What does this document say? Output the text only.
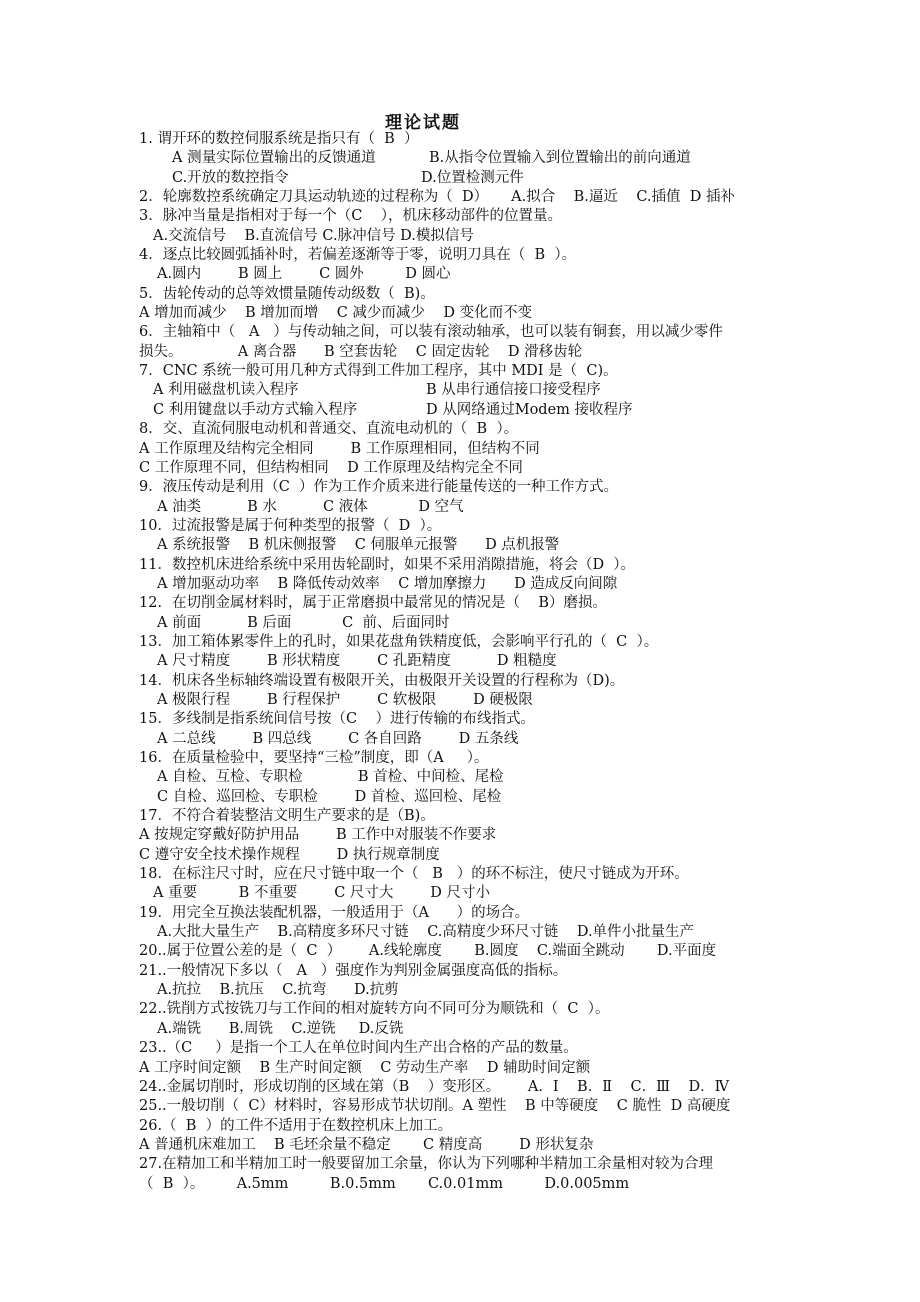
理论试题
1. 谓开环的数控伺服系统是指只有（  B  ）
A 测量实际位置输出的反馈通道	B.从指令位置输入到位置输出的前向通道
C.开放的数控指令	D.位置检测元件
2．轮廓数控系统确定刀具运动轨迹的过程称为（  D）     A.拟合    B.逼近    C.插值  D 插补
3．脉冲当量是指相对于每一个（C    ），机床移动部件的位置量。
A.交流信号    B.直流信号 C.脉冲信号 D.模拟信号
4．逐点比较圆弧插补时，若偏差逐渐等于零，说明刀具在（  B  ）。
A.圆内        B 圆上        C 圆外         D 圆心
5．齿轮传动的总等效惯量随传动级数（  B)。
A 增加而减少    B 增加而增    C 减少而减少    D 变化而不变
6．主轴箱中（   A   ）与传动轴之间，可以装有滚动轴承，也可以装有铜套，用以减少零件
损失。            A 离合器      B 空套齿轮    C 固定齿轮    D 滑移齿轮
7．CNC 系统一般可用几种方式得到工件加工程序，其中 MDI 是（  C)。
A 利用磁盘机读入程序	B 从串行通信接口接受程序
C 利用键盘以手动方式输入程序	D 从网络通过Modem 接收程序
8．交、直流伺服电动机和普通交、直流电动机的（  B  ）。
A 工作原理及结构完全相同        B 工作原理相同，但结构不同
C 工作原理不同，但结构相同    D 工作原理及结构完全不同
9．液压传动是利用（C  ）作为工作介质来进行能量传送的一种工作方式。
A 油类          B 水          C 液体           D 空气
10．过流报警是属于何种类型的报警（  D  ）。
A 系统报警    B 机床侧报警    C 伺服单元报警      D 点机报警
11．数控机床进给系统中采用齿轮副时，如果不采用消隙措施，将会（D  ）。
A 增加驱动功率    B 降低传动效率    C 增加摩擦力      D 造成反向间隙
12．在切削金属材料时，属于正常磨损中最常见的情况是（    B）磨损。
A 前面          B 后面           C  前、后面同时
13．加工箱体累零件上的孔时，如果花盘角铁精度低，会影响平行孔的（  C  ）。
A 尺寸精度        B 形状精度        C 孔距精度          D 粗糙度
14．机床各坐标轴终端设置有极限开关，由极限开关设置的行程称为（D)。
A 极限行程        B 行程保护        C 软极限        D 硬极限
15．多线制是指系统间信号按（C    ）进行传输的布线指式。
A 二总线        B 四总线        C 各自回路        D 五条线
16．在质量检验中，要坚持“三检”制度，即（A     ）。
A 自检、互检、专职检            B 首检、中间检、尾检
C 自检、巡回检、专职检        D 首检、巡回检、尾检
17．不符合着装整洁文明生产要求的是（B)。
A 按规定穿戴好防护用品        B 工作中对服装不作要求
C 遵守安全技术操作规程        D 执行规章制度
18．在标注尺寸时，应在尺寸链中取一个（   B   ）的环不标注，使尺寸链成为开环。
A 重要         B 不重要        C 尺寸大        D 尺寸小
19．用完全互换法装配机器，一般适用于（A      ）的场合。
A.大批大量生产    B.高精度多环尺寸链    C.高精度少环尺寸链    D.单件小批量生产
20..属于位置公差的是（  C  ）      A.线轮廓度       B.圆度    C.端面全跳动       D.平面度
21..一般情况下多以（   A   ）强度作为判别金属强度高低的指标。
A.抗拉    B.抗压    C.抗弯      D.抗剪
22..铣削方式按铣刀与工作间的相对旋转方向不同可分为顺铣和（  C  ）。
A.端铣      B.周铣    C.逆铣     D.反铣
23..（C     ）是指一个工人在单位时间内生产出合格的产品的数量。
A 工序时间定额    B 生产时间定额    C 劳动生产率    D 辅助时间定额
24..金属切削时，形成切削的区域在第（B    ）变形区。      A．Ⅰ    B．Ⅱ    C．Ⅲ    D．Ⅳ
25..一般切削（  C）材料时，容易形成节状切削。A 塑性    B 中等硬度    C 脆性  D 高硬度
26.（  B  ）的工件不适用于在数控机床上加工。
A 普通机床难加工    B 毛坯余量不稳定       C 精度高        D 形状复杂
27.在精加工和半精加工时一般要留加工余量，你认为下列哪种半精加工余量相对较为合理
（  B  ）。       A.5mm         B.0.5mm       C.0.01mm         D.0.005mm
